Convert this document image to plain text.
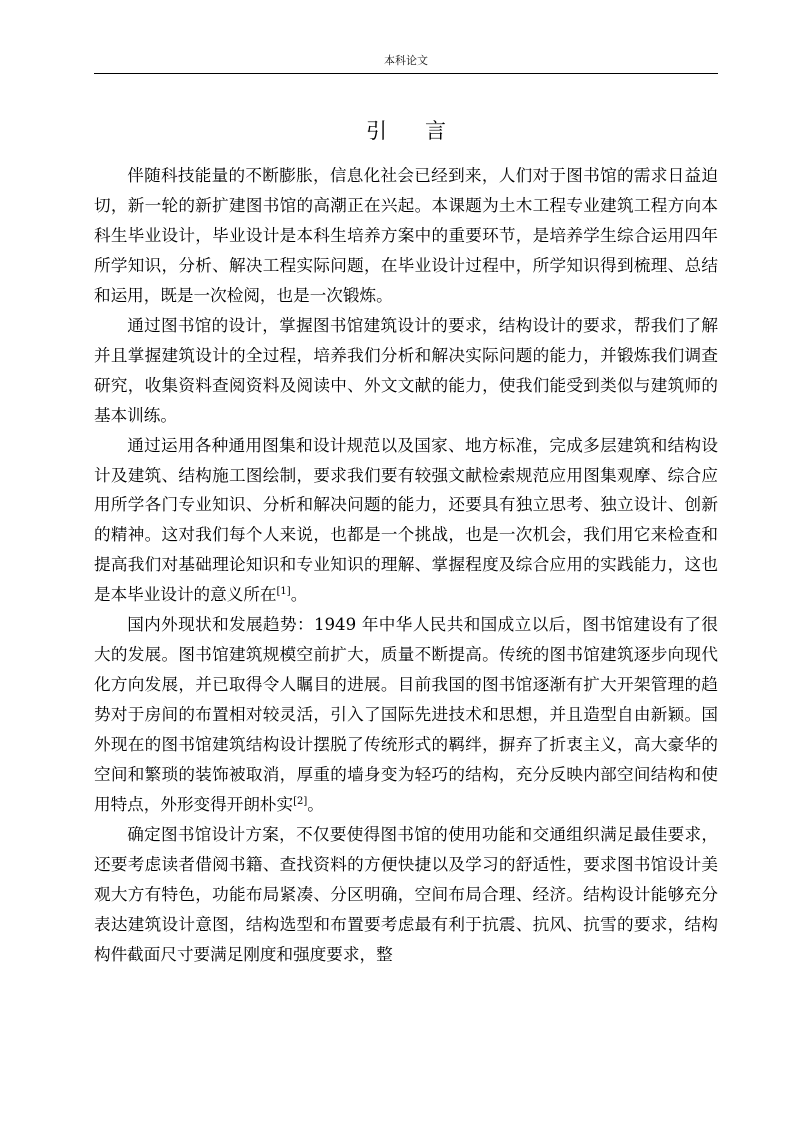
本科论文
引言

伴随科技能量的不断膨胀，信息化社会已经到来，人们对于图书馆的需求日益迫切，新一轮的新扩建图书馆的高潮正在兴起。本课题为土木工程专业建筑工程方向本科生毕业设计，毕业设计是本科生培养方案中的重要环节，是培养学生综合运用四年所学知识，分析、解决工程实际问题，在毕业设计过程中，所学知识得到梳理、总结和运用，既是一次检阅，也是一次锻炼。

通过图书馆的设计，掌握图书馆建筑设计的要求，结构设计的要求，帮我们了解并且掌握建筑设计的全过程，培养我们分析和解决实际问题的能力，并锻炼我们调查研究，收集资料查阅资料及阅读中、外文文献的能力，使我们能受到类似与建筑师的基本训练。

通过运用各种通用图集和设计规范以及国家、地方标准，完成多层建筑和结构设计及建筑、结构施工图绘制，要求我们要有较强文献检索规范应用图集观摩、综合应用所学各门专业知识、分析和解决问题的能力，还要具有独立思考、独立设计、创新的精神。这对我们每个人来说，也都是一个挑战，也是一次机会，我们用它来检查和提高我们对基础理论知识和专业知识的理解、掌握程度及综合应用的实践能力，这也是本毕业设计的意义所在[1]。

国内外现状和发展趋势：1949 年中华人民共和国成立以后，图书馆建设有了很大的发展。图书馆建筑规模空前扩大，质量不断提高。传统的图书馆建筑逐步向现代化方向发展，并已取得令人瞩目的进展。目前我国的图书馆逐渐有扩大开架管理的趋势对于房间的布置相对较灵活，引入了国际先进技术和思想，并且造型自由新颖。国外现在的图书馆建筑结构设计摆脱了传统形式的羁绊，摒弃了折衷主义，高大豪华的空间和繁琐的装饰被取消，厚重的墙身变为轻巧的结构，充分反映内部空间结构和使用特点，外形变得开朗朴实[2]。

确定图书馆设计方案，不仅要使得图书馆的使用功能和交通组织满足最佳要求，还要考虑读者借阅书籍、查找资料的方便快捷以及学习的舒适性，要求图书馆设计美观大方有特色，功能布局紧凑、分区明确，空间布局合理、经济。结构设计能够充分表达建筑设计意图，结构选型和布置要考虑最有利于抗震、抗风、抗雪的要求，结构构件截面尺寸要满足刚度和强度要求，整
